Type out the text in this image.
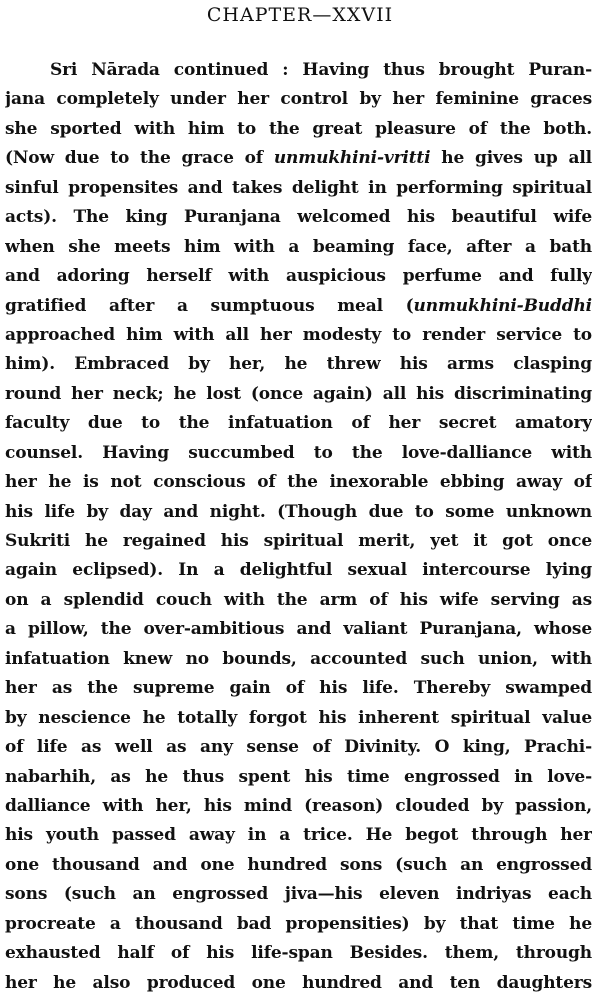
CHAPTER—XXVII
Sri Nārada continued : Having thus brought Puran-
jana completely under her control by her feminine graces
she sported with him to the great pleasure of the both.
(Now due to the grace of unmukhini-vritti he gives up all
sinful propensites and takes delight in performing spiritual
acts). The king Puranjana welcomed his beautiful wife
when she meets him with a beaming face, after a bath
and adoring herself with auspicious perfume and fully
gratified after a sumptuous meal (unmukhini-Buddhi
approached him with all her modesty to render service to
him). Embraced by her, he threw his arms clasping
round her neck; he lost (once again) all his discriminating
faculty due to the infatuation of her secret amatory
counsel. Having succumbed to the love-dalliance with
her he is not conscious of the inexorable ebbing away of
his life by day and night. (Though due to some unknown
Sukriti he regained his spiritual merit, yet it got once
again eclipsed). In a delightful sexual intercourse lying
on a splendid couch with the arm of his wife serving as
a pillow, the over-ambitious and valiant Puranjana, whose
infatuation knew no bounds, accounted such union, with
her as the supreme gain of his life. Thereby swamped
by nescience he totally forgot his inherent spiritual value
of life as well as any sense of Divinity. O king, Prachi-
nabarhih, as he thus spent his time engrossed in love-
dalliance with her, his mind (reason) clouded by passion,
his youth passed away in a trice. He begot through her
one thousand and one hundred sons (such an engrossed
sons (such an engrossed jiva—his eleven indriyas each
procreate a thousand bad propensities) by that time he
exhausted half of his life-span Besides. them, through
her he also produced one hundred and ten daughters
